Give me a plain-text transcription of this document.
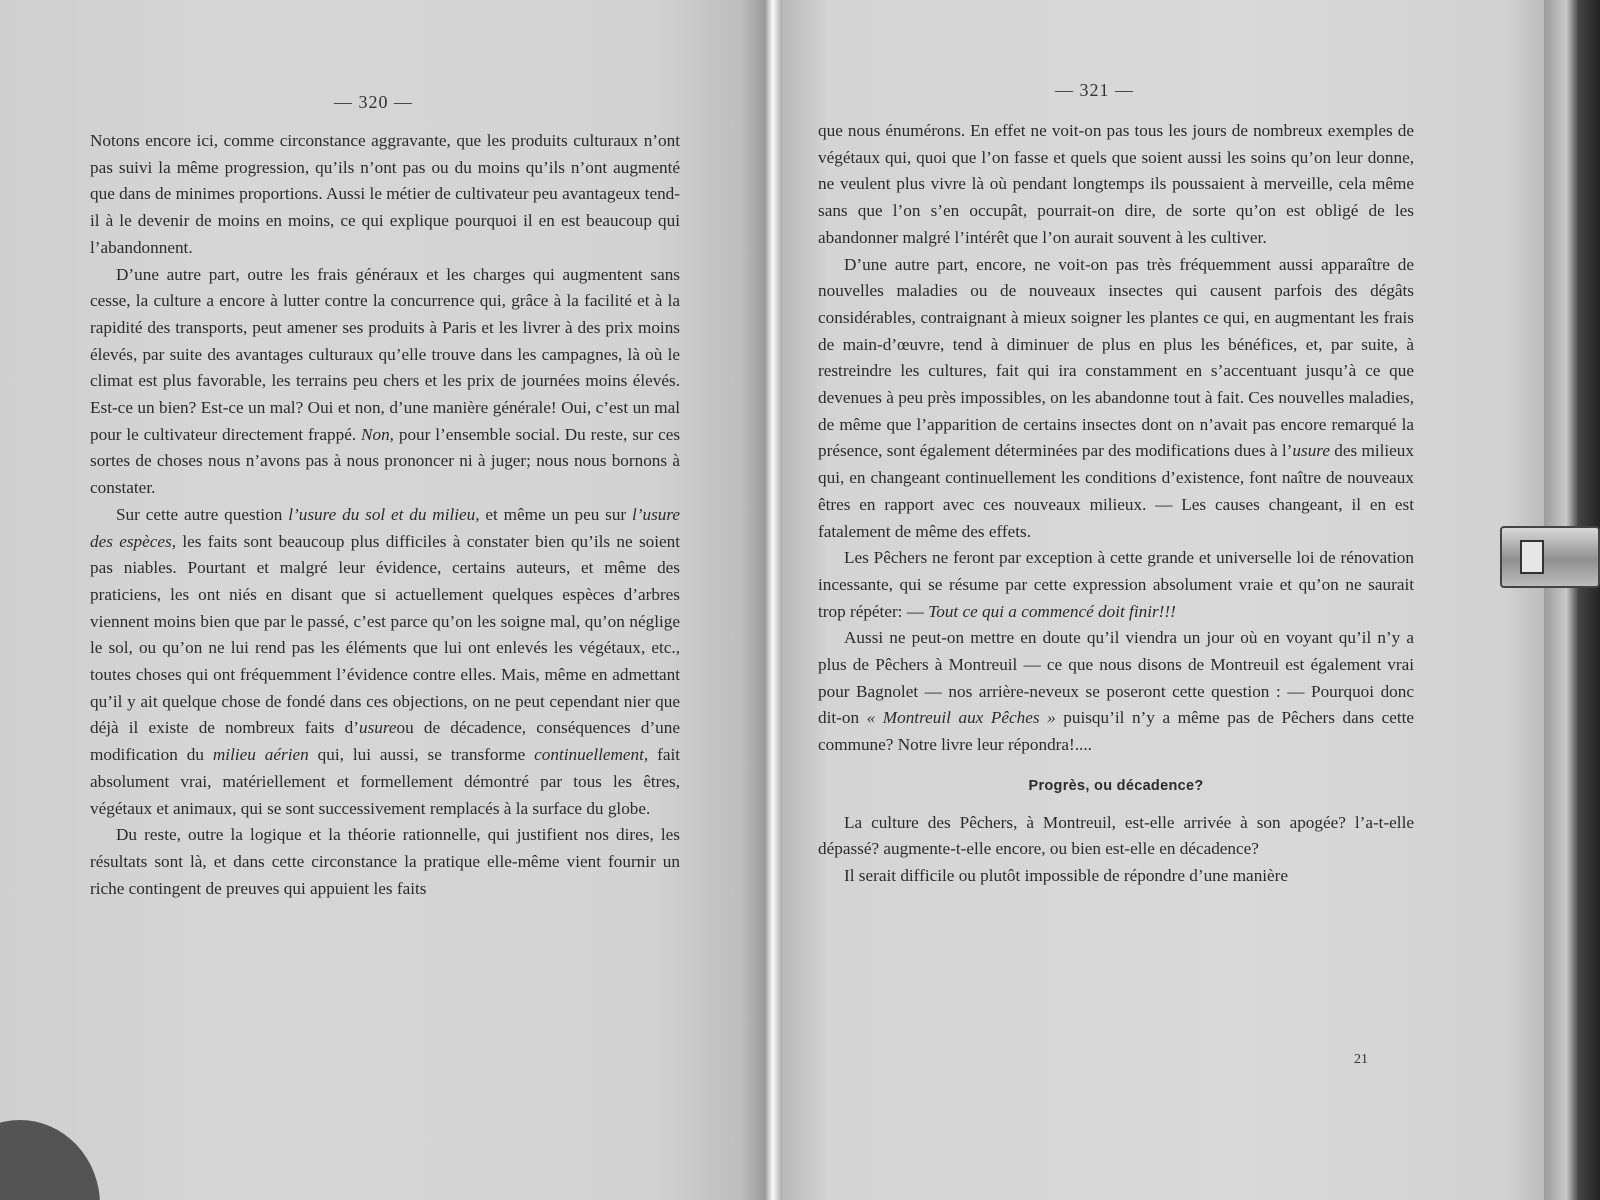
— 320 —

Notons encore ici, comme circonstance aggravante, que les produits culturaux n’ont pas suivi la même progression, qu’ils n’ont pas ou du moins qu’ils n’ont augmenté que dans de minimes proportions. Aussi le métier de cultivateur peu avantageux tend-il à le devenir de moins en moins, ce qui explique pourquoi il en est beaucoup qui l’abandonnent.

D’une autre part, outre les frais généraux et les charges qui augmentent sans cesse, la culture a encore à lutter contre la concurrence qui, grâce à la facilité et à la rapidité des transports, peut amener ses produits à Paris et les livrer à des prix moins élevés, par suite des avantages culturaux qu’elle trouve dans les campagnes, là où le climat est plus favorable, les terrains peu chers et les prix de journées moins élevés. Est-ce un bien? Est-ce un mal? Oui et non, d’une manière générale! Oui, c’est un mal pour le cultivateur directement frappé. Non, pour l’ensemble social. Du reste, sur ces sortes de choses nous n’avons pas à nous prononcer ni à juger; nous nous bornons à constater.

Sur cette autre question l’usure du sol et du milieu, et même un peu sur l’usure des espèces, les faits sont beaucoup plus difficiles à constater bien qu’ils ne soient pas niables. Pourtant et malgré leur évidence, certains auteurs, et même des praticiens, les ont niés en disant que si actuellement quelques espèces d’arbres viennent moins bien que par le passé, c’est parce qu’on les soigne mal, qu’on néglige le sol, ou qu’on ne lui rend pas les éléments que lui ont enlevés les végétaux, etc., toutes choses qui ont fréquemment l’évidence contre elles. Mais, même en admettant qu’il y ait quelque chose de fondé dans ces objections, on ne peut cependant nier que déjà il existe de nombreux faits d’usureou de décadence, conséquences d’une modification du milieu aérien qui, lui aussi, se transforme continuellement, fait absolument vrai, matériellement et formellement démontré par tous les êtres, végétaux et animaux, qui se sont successivement remplacés à la surface du globe.

Du reste, outre la logique et la théorie rationnelle, qui justifient nos dires, les résultats sont là, et dans cette circonstance la pratique elle-même vient fournir un riche contingent de preuves qui appuient les faits

— 321 —

que nous énumérons. En effet ne voit-on pas tous les jours de nombreux exemples de végétaux qui, quoi que l’on fasse et quels que soient aussi les soins qu’on leur donne, ne veulent plus vivre là où pendant longtemps ils poussaient à merveille, cela même sans que l’on s’en occupât, pourrait-on dire, de sorte qu’on est obligé de les abandonner malgré l’intérêt que l’on aurait souvent à les cultiver.

D’une autre part, encore, ne voit-on pas très fréquemment aussi apparaître de nouvelles maladies ou de nouveaux insectes qui causent parfois des dégâts considérables, contraignant à mieux soigner les plantes ce qui, en augmentant les frais de main-d’œuvre, tend à diminuer de plus en plus les bénéfices, et, par suite, à restreindre les cultures, fait qui ira constamment en s’accentuant jusqu’à ce que devenues à peu près impossibles, on les abandonne tout à fait. Ces nouvelles maladies, de même que l’apparition de certains insectes dont on n’avait pas encore remarqué la présence, sont également déterminées par des modifications dues à l’usure des milieux qui, en changeant continuellement les conditions d’existence, font naître de nouveaux êtres en rapport avec ces nouveaux milieux. — Les causes changeant, il en est fatalement de même des effets.

Les Pêchers ne feront par exception à cette grande et universelle loi de rénovation incessante, qui se résume par cette expression absolument vraie et qu’on ne saurait trop répéter: — Tout ce qui a commencé doit finir!!!

Aussi ne peut-on mettre en doute qu’il viendra un jour où en voyant qu’il n’y a plus de Pêchers à Montreuil — ce que nous disons de Montreuil est également vrai pour Bagnolet — nos arrière-neveux se poseront cette question : — Pourquoi donc dit-on « Montreuil aux Pêches » puisqu’il n’y a même pas de Pêchers dans cette commune? Notre livre leur répondra!....

Progrès, ou décadence?

La culture des Pêchers, à Montreuil, est-elle arrivée à son apogée? l’a-t-elle dépassé? augmente-t-elle encore, ou bien est-elle en décadence?

Il serait difficile ou plutôt impossible de répondre d’une manière

21
